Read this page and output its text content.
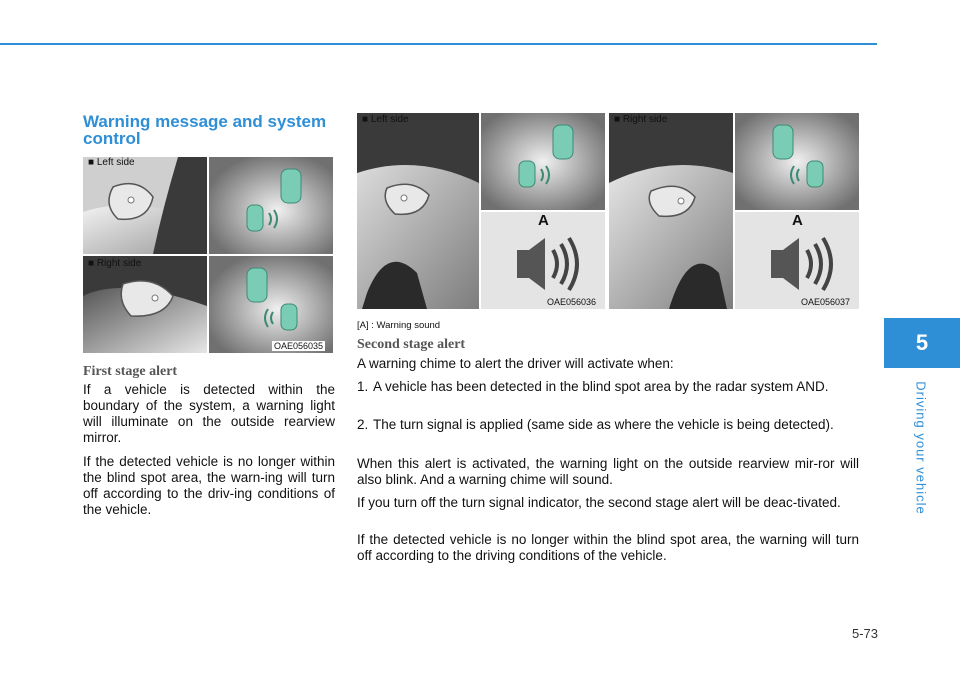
5
Driving your vehicle
5-73
Warning message and system control
■ Left side
■ Right side
OAE056035
First stage alert
If a vehicle is detected within the boundary of the system, a warning light will illuminate on the outside rearview mirror.
If the detected vehicle is no longer within the blind spot area, the warn-ing will turn off according to the driv-ing conditions of the vehicle.
■ Left side
A
OAE056036
■ Right side
A
OAE056037
[A] : Warning sound
Second stage alert
A warning chime to alert the driver will activate when:
1. A vehicle has been detected in the blind spot area by the radar system AND.
2. The turn signal is applied (same side as where the vehicle is being detected).
When this alert is activated, the warning light on the outside rearview mir-ror will also blink. And a warning chime will sound.
If you turn off the turn signal indicator, the second stage alert will be deac-tivated.
If the detected vehicle is no longer within the blind spot area, the warning will turn off according to the driving conditions of the vehicle.
